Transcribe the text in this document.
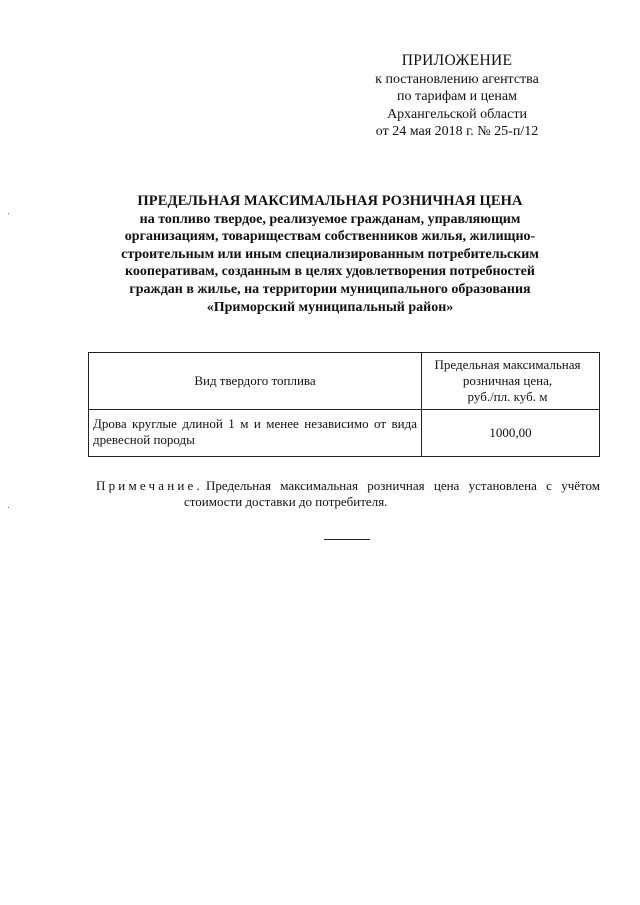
ПРИЛОЖЕНИЕ
к постановлению агентства
по тарифам и ценам
Архангельской области
от 24 мая 2018 г. № 25-п/12
ПРЕДЕЛЬНАЯ МАКСИМАЛЬНАЯ РОЗНИЧНАЯ ЦЕНА
на топливо твердое, реализуемое гражданам, управляющим
организациям, товариществам собственников жилья, жилищно-
строительным или иным специализированным потребительским
кооперативам, созданным в целях удовлетворения потребностей
граждан в жилье, на территории муниципального образования
«Приморский муниципальный район»
Вид твердого топлива	Предельная максимальная
розничная цена,
руб./пл. куб. м

Дрова круглые длиной 1 м и менее независимо от вида древесной породы	1000,00
Примечание. Предельная максимальная розничная цена установлена с учётом
стоимости доставки до потребителя.
